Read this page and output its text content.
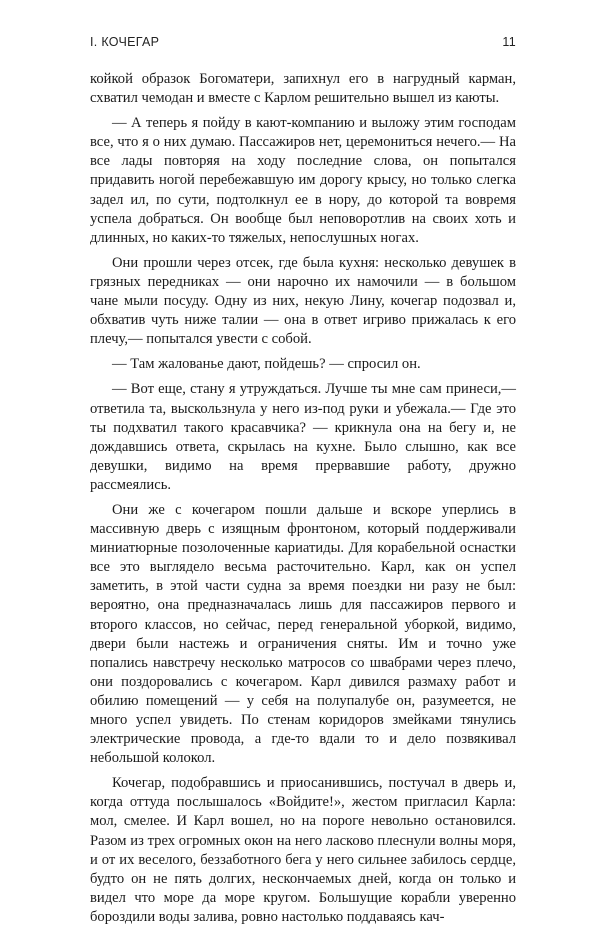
I. КОЧЕГАР	11

койкой образок Богоматери, запихнул его в нагрудный карман, схватил чемодан и вместе с Карлом решительно вышел из каюты.

— А теперь я пойду в кают-компанию и выложу этим господам все, что я о них думаю. Пассажиров нет, церемониться нечего.— На все лады повторяя на ходу последние слова, он попытался придавить ногой перебежавшую им дорогу крысу, но только слегка задел ил, по сути, подтолкнул ее в нору, до которой та вовремя успела добраться. Он вообще был неповоротлив на своих хоть и длинных, но каких-то тяжелых, непослушных ногах.

Они прошли через отсек, где была кухня: несколько девушек в грязных передниках — они нарочно их намочили — в большом чане мыли посуду. Одну из них, некую Лину, кочегар подозвал и, обхватив чуть ниже талии — она в ответ игриво прижалась к его плечу,— попытался увести с собой.

— Там жалованье дают, пойдешь? — спросил он.

— Вот еще, стану я утруждаться. Лучше ты мне сам принеси,— ответила та, выскользнула у него из-под руки и убежала.— Где это ты подхватил такого красавчика? — крикнула она на бегу и, не дождавшись ответа, скрылась на кухне. Было слышно, как все девушки, видимо на время прервавшие работу, дружно рассмеялись.

Они же с кочегаром пошли дальше и вскоре уперлись в массивную дверь с изящным фронтоном, который поддерживали миниатюрные позолоченные кариатиды. Для корабельной оснастки все это выглядело весьма расточительно. Карл, как он успел заметить, в этой части судна за время поездки ни разу не был: вероятно, она предназначалась лишь для пассажиров первого и второго классов, но сейчас, перед генеральной уборкой, видимо, двери были настежь и ограничения сняты. Им и точно уже попались навстречу несколько матросов со швабрами через плечо, они поздоровались с кочегаром. Карл дивился размаху работ и обилию помещений — у себя на полупалубе он, разумеется, не много успел увидеть. По стенам коридоров змейками тянулись электрические провода, а где-то вдали то и дело позвякивал небольшой колокол.

Кочегар, подобравшись и приосанившись, постучал в дверь и, когда оттуда послышалось «Войдите!», жестом пригласил Карла: мол, смелее. И Карл вошел, но на пороге невольно остановился. Разом из трех огромных окон на него ласково плеснули волны моря, и от их веселого, беззаботного бега у него сильнее забилось сердце, будто он не пять долгих, нескончаемых дней, когда он только и видел что море да море кругом. Большущие корабли уверенно бороздили воды залива, ровно настолько поддаваясь кач-
